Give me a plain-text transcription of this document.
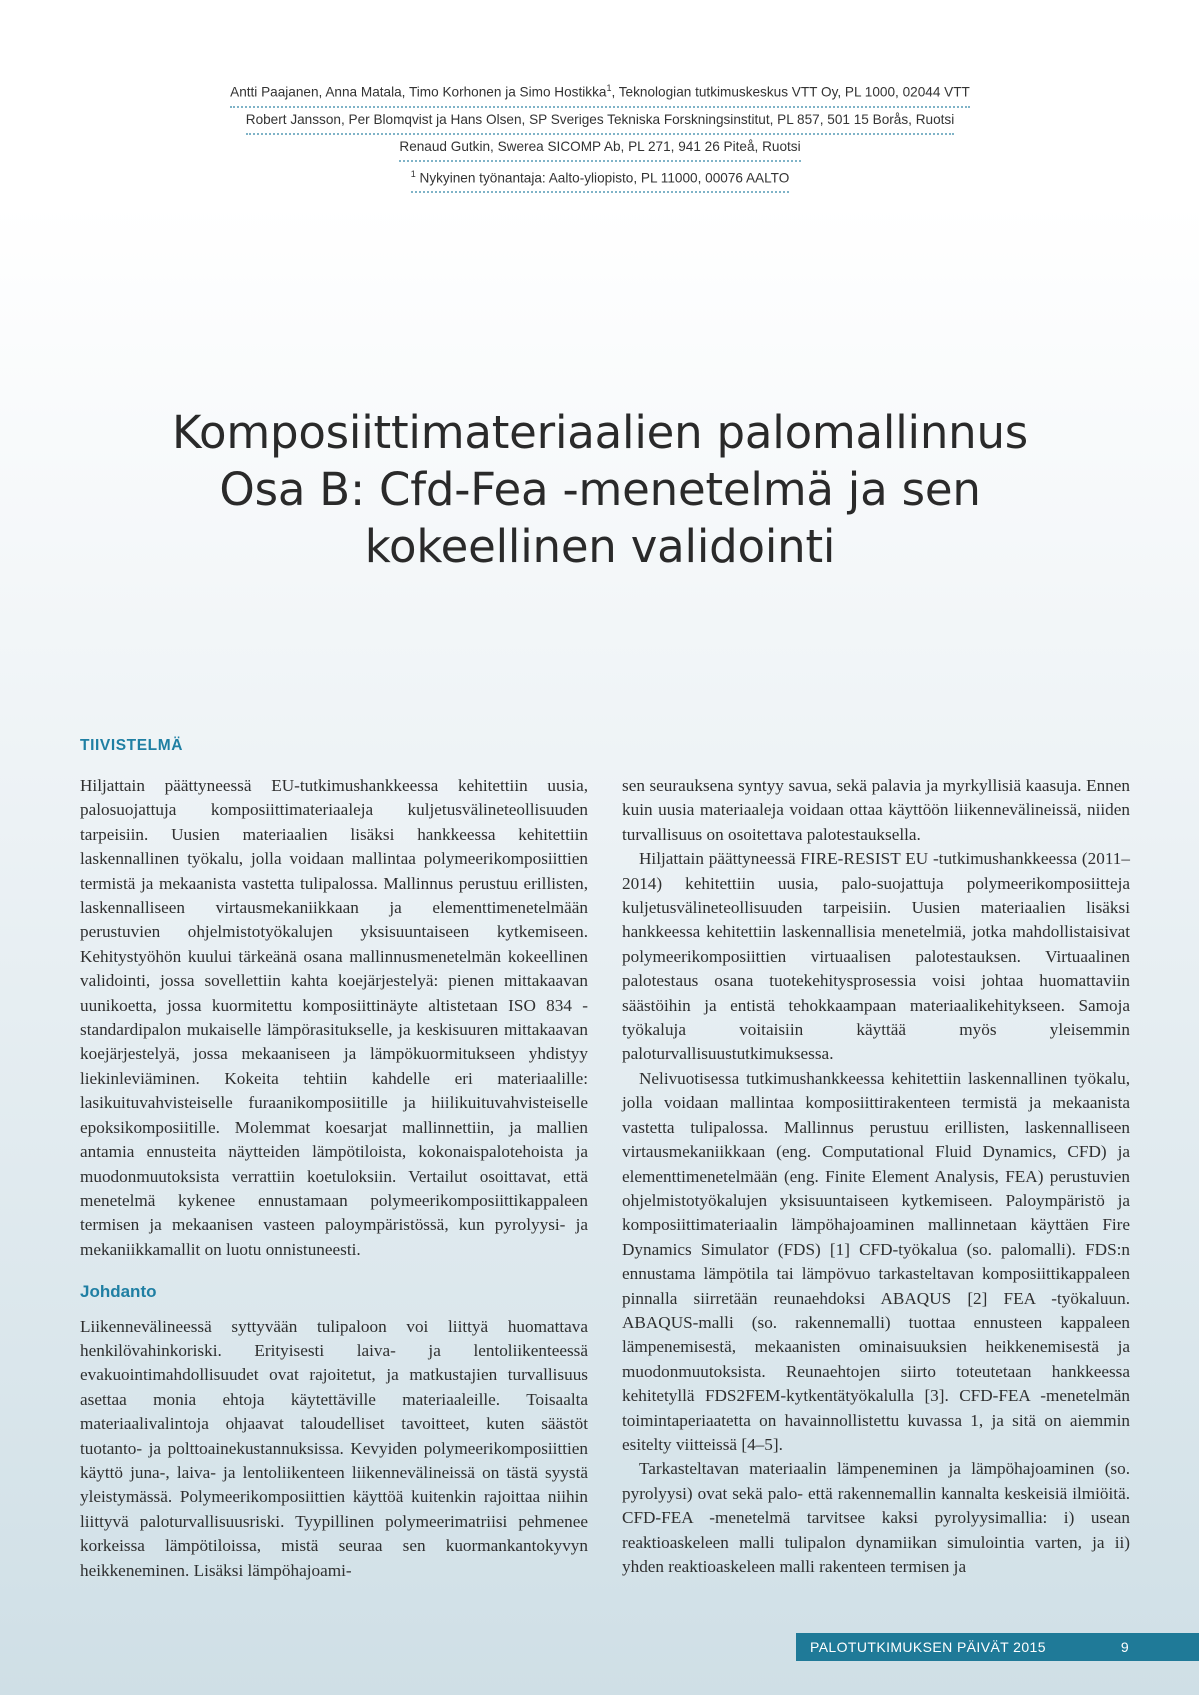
Antti Paajanen, Anna Matala, Timo Korhonen ja Simo Hostikka$^1$, Teknologian tutkimuskeskus VTT Oy, PL 1000, 02044 VTT
Robert Jansson, Per Blomqvist ja Hans Olsen, SP Sveriges Tekniska Forskningsinstitut, PL 857, 501 15 Borås, Ruotsi
Renaud Gutkin, Swerea SICOMP Ab, PL 271, 941 26 Piteå, Ruotsi
$^1$ Nykyinen työnantaja: Aalto-yliopisto, PL 11000, 00076 AALTO
Komposiittimateriaalien palomallinnus
Osa B: Cfd-Fea -menetelmä ja sen
kokeellinen validointi
TIIVISTELMÄ

Hiljattain päättyneessä EU-tutkimushankkeessa kehitettiin uusia, palosuojattuja komposiittimateriaaleja kuljetusvälineteollisuuden tarpeisiin. Uusien materiaalien lisäksi hankkeessa kehitettiin laskennallinen työkalu, jolla voidaan mallintaa polymeerikomposiittien termistä ja mekaanista vastetta tulipalossa. Mallinnus perustuu erillisten, laskennalliseen virtausmekaniikkaan ja elementtimenetelmään perustuvien ohjelmistotyökalujen yksisuuntaiseen kytkemiseen. Kehitystyöhön kuului tärkeänä osana mallinnusmenetelmän kokeellinen validointi, jossa sovellettiin kahta koejärjestelyä: pienen mittakaavan uunikoetta, jossa kuormitettu komposiittinäyte altistetaan ISO 834 -standardipalon mukaiselle lämpörasitukselle, ja keskisuuren mittakaavan koejärjestelyä, jossa mekaaniseen ja lämpökuormitukseen yhdistyy liekinleviäminen. Kokeita tehtiin kahdelle eri materiaalille: lasikuituvahvisteiselle furaanikomposiitille ja hiilikuituvahvisteiselle epoksikomposiitille. Molemmat koesarjat mallinnettiin, ja mallien antamia ennusteita näytteiden lämpötiloista, kokonaispalotehoista ja muodonmuutoksista verrattiin koetuloksiin. Vertailut osoittavat, että menetelmä kykenee ennustamaan polymeerikomposiittikappaleen termisen ja mekaanisen vasteen paloympäristössä, kun pyrolyysi- ja mekaniikkamallit on luotu onnistuneesti.

Johdanto

Liikennevälineessä syttyvään tulipaloon voi liittyä huomattava henkilövahinkoriski. Erityisesti laiva- ja lentoliikenteessä evakuointimahdollisuudet ovat rajoitetut, ja matkustajien turvallisuus asettaa monia ehtoja käytettäville materiaaleille. Toisaalta materiaalivalintoja ohjaavat taloudelliset tavoitteet, kuten säästöt tuotanto- ja polttoainekustannuksissa. Kevyiden polymeerikomposiittien käyttö juna-, laiva- ja lentoliikenteen liikennevälineissä on tästä syystä yleistymässä. Polymeerikomposiittien käyttöä kuitenkin rajoittaa niihin liittyvä paloturvallisuusriski. Tyypillinen polymeerimatriisi pehmenee korkeissa lämpötiloissa, mistä seuraa sen kuormankantokyvyn heikkeneminen. Lisäksi lämpöhajoami-

sen seurauksena syntyy savua, sekä palavia ja myrkyllisiä kaasuja. Ennen kuin uusia materiaaleja voidaan ottaa käyttöön liikennevälineissä, niiden turvallisuus on osoitettava palotestauksella.

Hiljattain päättyneessä FIRE-RESIST EU -tutkimushankkeessa (2011–2014) kehitettiin uusia, palo-suojattuja polymeerikomposiitteja kuljetusvälineteollisuuden tarpeisiin. Uusien materiaalien lisäksi hankkeessa kehitettiin laskennallisia menetelmiä, jotka mahdollistaisivat polymeerikomposiittien virtuaalisen palotestauksen. Virtuaalinen palotestaus osana tuotekehitysprosessia voisi johtaa huomattaviin säästöihin ja entistä tehokkaampaan materiaalikehitykseen. Samoja työkaluja voitaisiin käyttää myös yleisemmin paloturvallisuustutkimuksessa.

Nelivuotisessa tutkimushankkeessa kehitettiin laskennallinen työkalu, jolla voidaan mallintaa komposiittirakenteen termistä ja mekaanista vastetta tulipalossa. Mallinnus perustuu erillisten, laskennalliseen virtausmekaniikkaan (eng. Computational Fluid Dynamics, CFD) ja elementtimenetelmään (eng. Finite Element Analysis, FEA) perustuvien ohjelmistotyökalujen yksisuuntaiseen kytkemiseen. Paloympäristö ja komposiittimateriaalin lämpöhajoaminen mallinnetaan käyttäen Fire Dynamics Simulator (FDS) [1] CFD-työkalua (so. palomalli). FDS:n ennustama lämpötila tai lämpövuo tarkasteltavan komposiittikappaleen pinnalla siirretään reunaehdoksi ABAQUS [2] FEA -työkaluun. ABAQUS-malli (so. rakennemalli) tuottaa ennusteen kappaleen lämpenemisestä, mekaanisten ominaisuuksien heikkenemisestä ja muodonmuutoksista. Reunaehtojen siirto toteutetaan hankkeessa kehitetyllä FDS2FEM-kytkentätyökalulla [3]. CFD-FEA -menetelmän toimintaperiaatetta on havainnollistettu kuvassa 1, ja sitä on aiemmin esitelty viitteissä [4–5].

Tarkasteltavan materiaalin lämpeneminen ja lämpöhajoaminen (so. pyrolyysi) ovat sekä palo- että rakennemallin kannalta keskeisiä ilmiöitä. CFD-FEA -menetelmä tarvitsee kaksi pyrolyysimallia: i) usean reaktioaskeleen malli tulipalon dynamiikan simulointia varten, ja ii) yhden reaktioaskeleen malli rakenteen termisen ja

PALOTUTKIMUKSEN PÄIVÄT 2015	9
